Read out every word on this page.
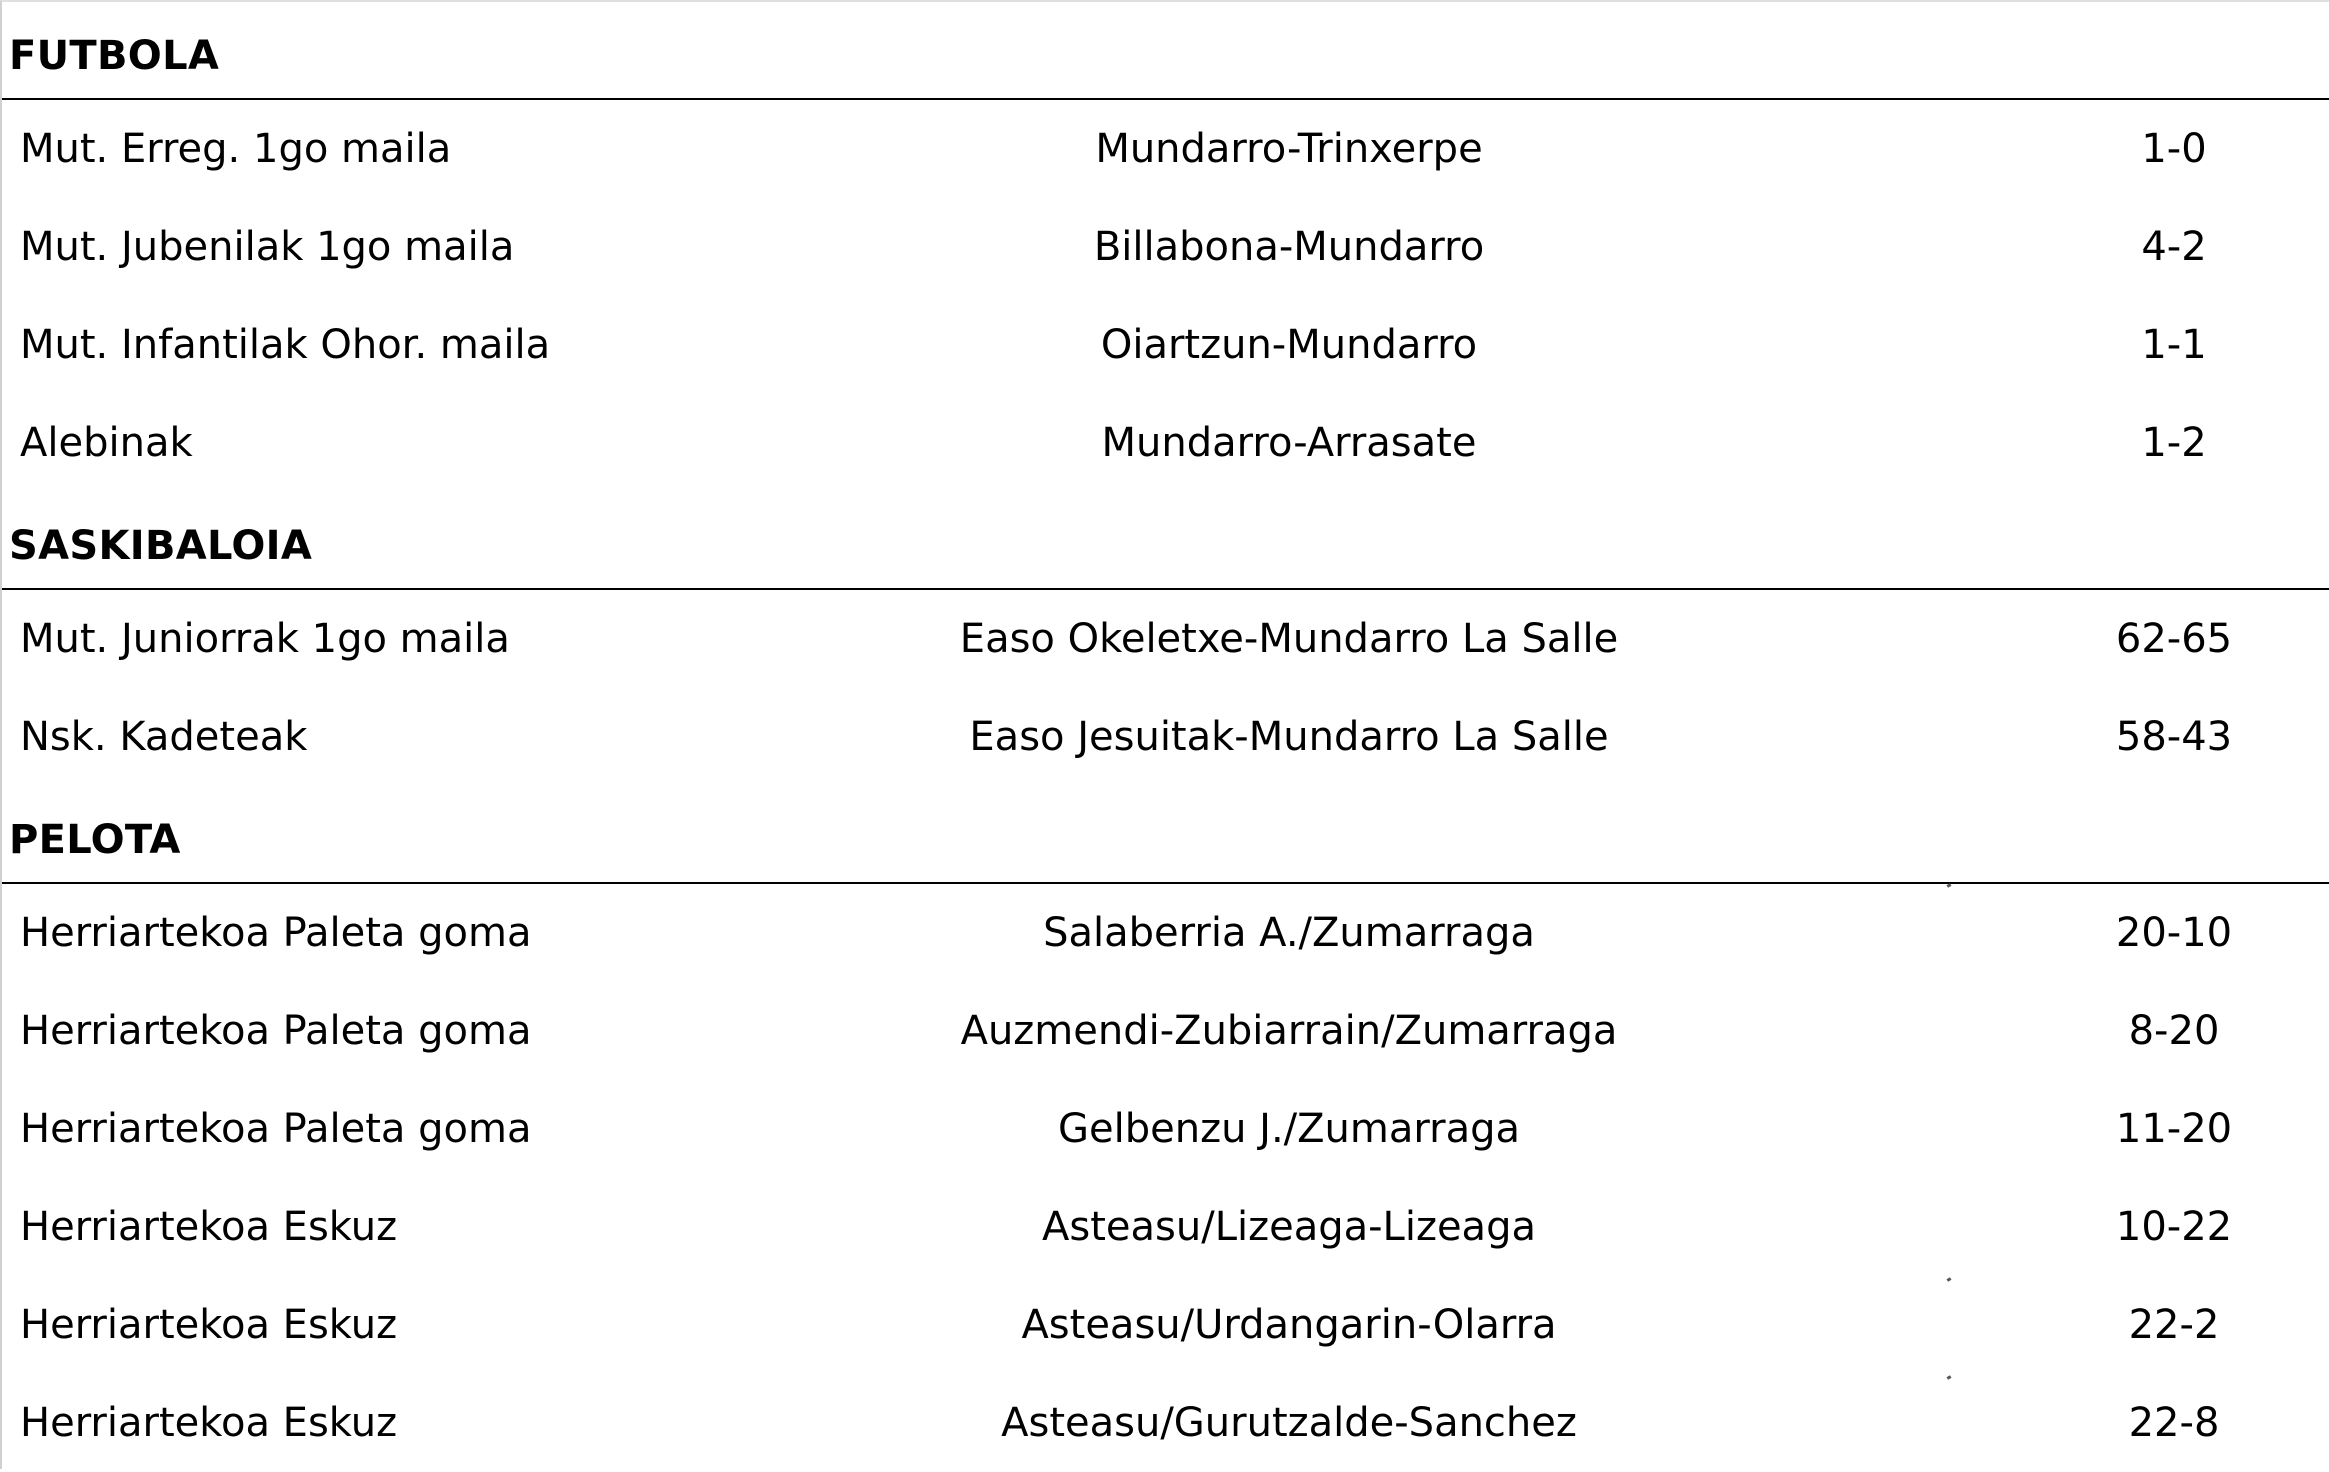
FUTBOLA
Mut. Erreg. 1go maila	Mundarro-Trinxerpe	1-0
Mut. Jubenilak 1go maila	Billabona-Mundarro	4-2
Mut. Infantilak Ohor. maila	Oiartzun-Mundarro	1-1
Alebinak	Mundarro-Arrasate	1-2
SASKIBALOIA
Mut. Juniorrak 1go maila	Easo Okeletxe-Mundarro La Salle	62-65
Nsk. Kadeteak	Easo Jesuitak-Mundarro La Salle	58-43
PELOTA
Herriartekoa Paleta goma	Salaberria A./Zumarraga	20-10
Herriartekoa Paleta goma	Auzmendi-Zubiarrain/Zumarraga	8-20
Herriartekoa Paleta goma	Gelbenzu J./Zumarraga	11-20
Herriartekoa Eskuz	Asteasu/Lizeaga-Lizeaga	10-22
Herriartekoa Eskuz	Asteasu/Urdangarin-Olarra	22-2
Herriartekoa Eskuz	Asteasu/Gurutzalde-Sanchez	22-8
